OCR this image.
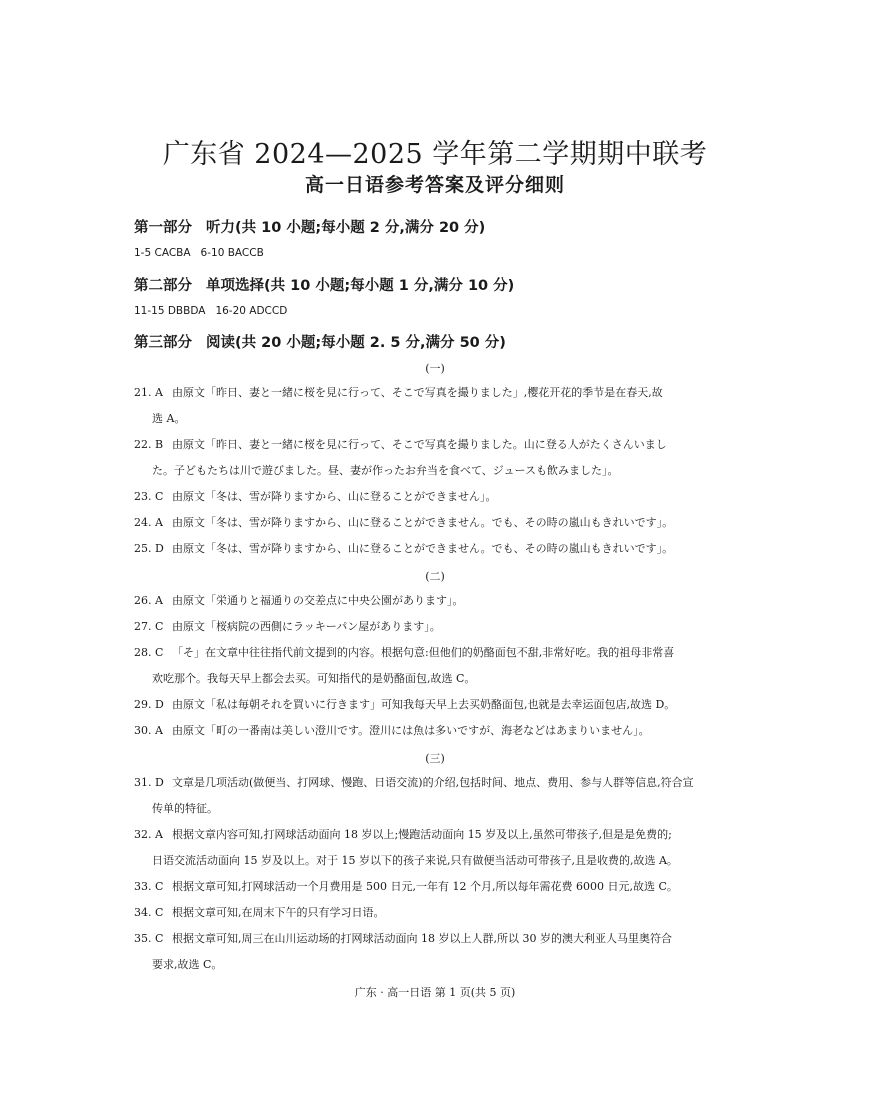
广东省 2024—2025 学年第二学期期中联考
高一日语参考答案及评分细则
第一部分 听力(共 10 小题;每小题 2 分,满分 20 分)
1-5 CACBA 6-10 BACCB
第二部分 单项选择(共 10 小题;每小题 1 分,满分 10 分)
11-15 DBBDA 16-20 ADCCD
第三部分 阅读(共 20 小题;每小题 2. 5 分,满分 50 分)
(一)
21. A 由原文「昨日、妻と一緒に桜を見に行って、そこで写真を撮りました」,樱花开花的季节是在春天,故
选 A。
22. B 由原文「昨日、妻と一緒に桜を見に行って、そこで写真を撮りました。山に登る人がたくさんいまし
た。子どもたちは川で遊びました。昼、妻が作ったお弁当を食べて、ジュースも飲みました」。
23. C 由原文「冬は、雪が降りますから、山に登ることができません」。
24. A 由原文「冬は、雪が降りますから、山に登ることができません。でも、その時の嵐山もきれいです」。
25. D 由原文「冬は、雪が降りますから、山に登ることができません。でも、その時の嵐山もきれいです」。
(二)
26. A 由原文「栄通りと福通りの交差点に中央公園があります」。
27. C 由原文「桜病院の西側にラッキーパン屋があります」。
28. C 「そ」在文章中往往指代前文提到的内容。根据句意:但他们的奶酪面包不甜,非常好吃。我的祖母非常喜
欢吃那个。我每天早上都会去买。可知指代的是奶酪面包,故选 C。
29. D 由原文「私は毎朝それを買いに行きます」可知我每天早上去买奶酪面包,也就是去幸运面包店,故选 D。
30. A 由原文「町の一番南は美しい澄川です。澄川には魚は多いですが、海老などはあまりいません」。
(三)
31. D 文章是几项活动(做便当、打网球、慢跑、日语交流)的介绍,包括时间、地点、费用、参与人群等信息,符合宣
传单的特征。
32. A 根据文章内容可知,打网球活动面向 18 岁以上;慢跑活动面向 15 岁及以上,虽然可带孩子,但是是免费的;
日语交流活动面向 15 岁及以上。对于 15 岁以下的孩子来说,只有做便当活动可带孩子,且是收费的,故选 A。
33. C 根据文章可知,打网球活动一个月费用是 500 日元,一年有 12 个月,所以每年需花费 6000 日元,故选 C。
34. C 根据文章可知,在周末下午的只有学习日语。
35. C 根据文章可知,周三在山川运动场的打网球活动面向 18 岁以上人群,所以 30 岁的澳大利亚人马里奥符合
要求,故选 C。
广东 · 高一日语 第 1 页(共 5 页)
